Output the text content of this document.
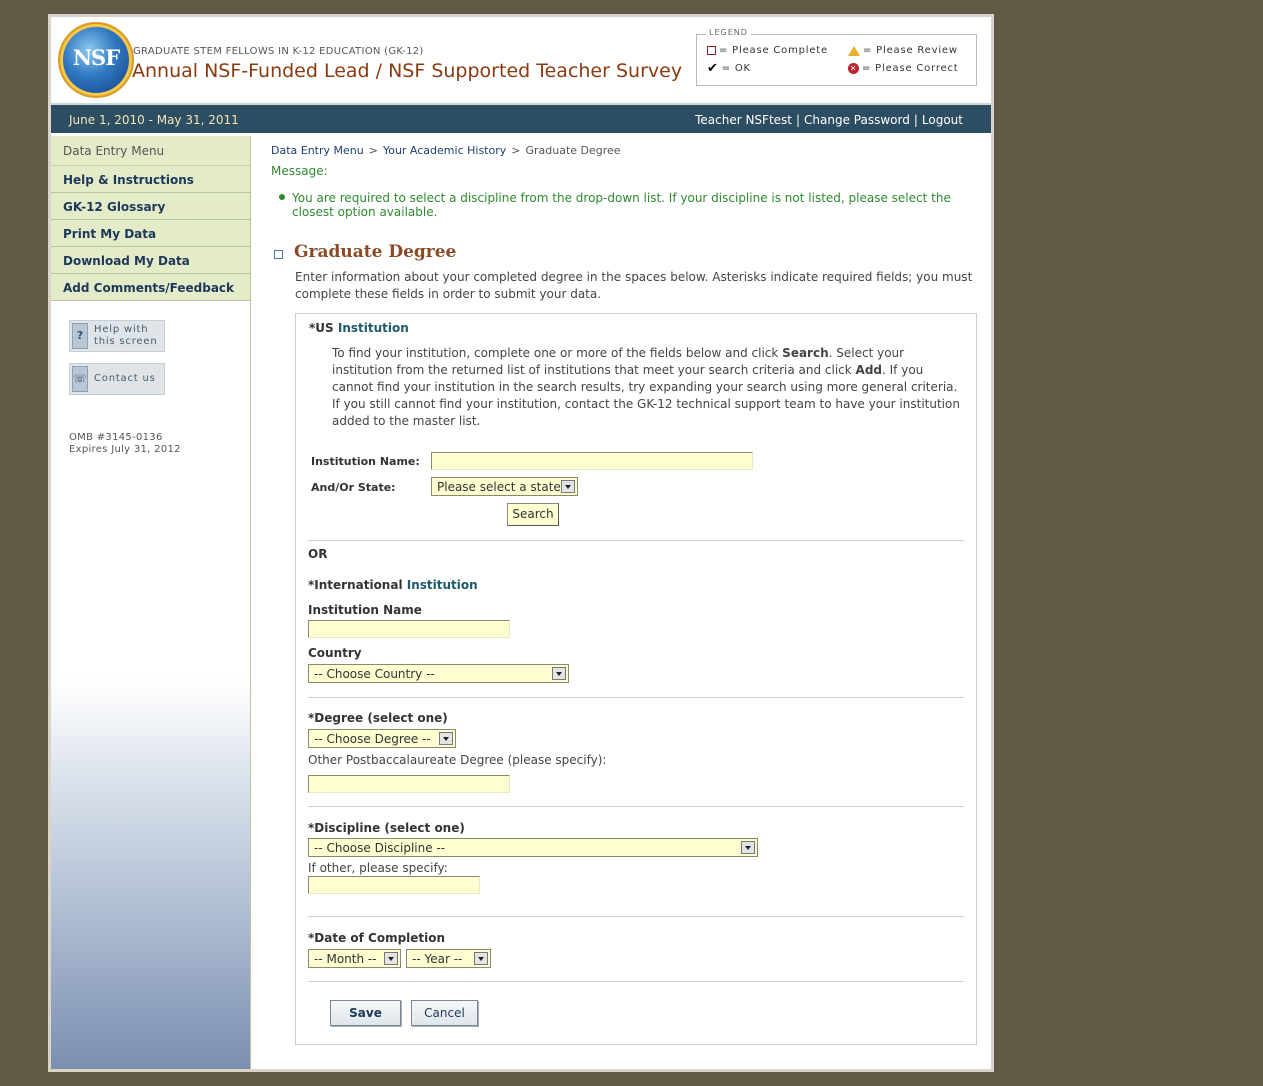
NSF	GRADUATE STEM FELLOWS IN K-12 EDUCATION (GK-12)
Annual NSF-Funded Lead / NSF Supported Teacher Survey
LEGEND
= Please Complete	= Please Review
✔ = OK	✕ = Please Correct
June 1, 2010 - May 31, 2011	Teacher NSFtest | Change Password | Logout
Data Entry Menu
Help & Instructions
GK-12 Glossary
Print My Data
Download My Data
Add Comments/Feedback
?	Help with
this screen
☏ Contact us
OMB #3145-0136
Expires July 31, 2012
Data Entry Menu > Your Academic History > Graduate Degree
Message:
You are required to select a discipline from the drop-down list. If your discipline is not listed, please select the closest option available.
Graduate Degree
Enter information about your completed degree in the spaces below. Asterisks indicate required fields; you must complete these fields in order to submit your data.
*US Institution
To find your institution, complete one or more of the fields below and click Search. Select your institution from the returned list of institutions that meet your search criteria and click Add. If you cannot find your institution in the search results, try expanding your search using more general criteria. If you still cannot find your institution, contact the GK-12 technical support team to have your institution added to the master list.
Institution Name:
And/Or State:	Please select a state
Search
OR
*International Institution
Institution Name
Country
-- Choose Country --
*Degree (select one)
-- Choose Degree --
Other Postbaccalaureate Degree (please specify):
*Discipline (select one)
-- Choose Discipline --
If other, please specify:
*Date of Completion
-- Month --	-- Year --
Save	Cancel
